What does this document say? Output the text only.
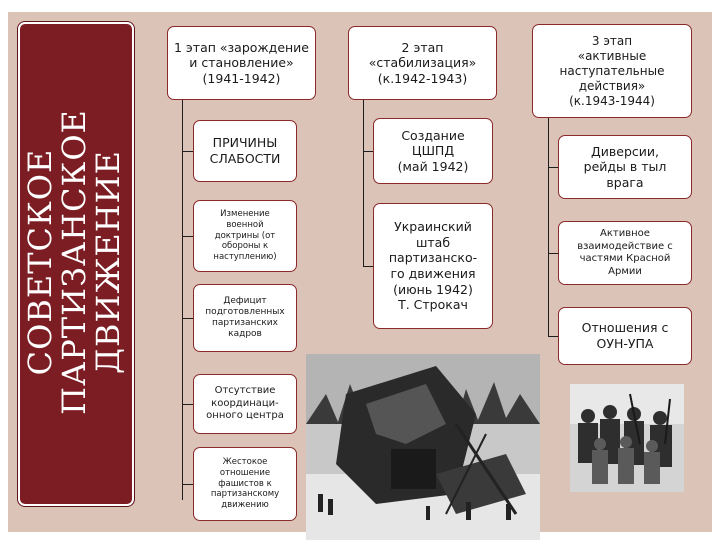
СОВЕТСКОЕ
ПАРТИЗАНСКОЕ
ДВИЖЕНИЕ
1 этап «зарождение
и становление»
(1941-1942)
2 этап
«стабилизация»
(к.1942-1943)
3 этап
«активные
наступательные
действия»
(к.1943-1944)
ПРИЧИНЫ
СЛАБОСТИ
Изменение
военной
доктрины (от
обороны к
наступлению)
Дефицит
подготовленных
партизанских
кадров
Отсутствие
координаци-
онного центра
Жестокое
отношение
фашистов к
партизанскому
движению
Создание
ЦШПД
(май 1942)
Украинский
штаб
партизанско-
го движения
(июнь 1942)
Т. Строкач
Диверсии,
рейды в тыл
врага
Активное
взаимодействие с
частями Красной
Армии
Отношения с
ОУН-УПА
